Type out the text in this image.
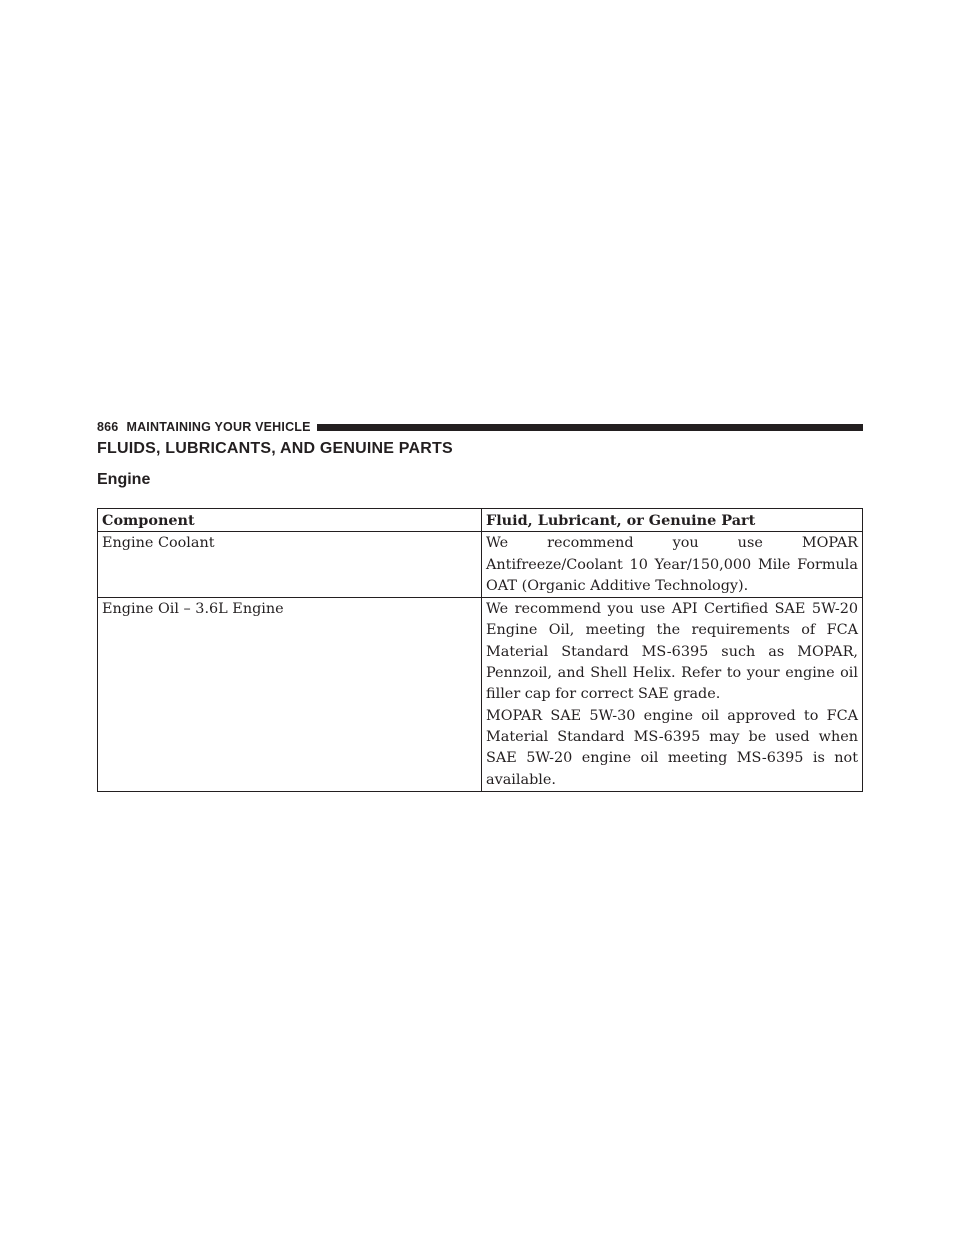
866 MAINTAINING YOUR VEHICLE
FLUIDS, LUBRICANTS, AND GENUINE PARTS
Engine
Component	Fluid, Lubricant, or Genuine Part
Engine Coolant	We recommend you use MOPAR Antifreeze/Coolant 10 Year/150,000 Mile Formula OAT (Organic Additive Technology).

Engine Oil – 3.6L Engine	We recommend you use API Certified SAE 5W-20 Engine Oil, meeting the requirements of FCA Material Standard MS-6395 such as MOPAR, Pennzoil, and Shell Helix. Refer to your engine oil filler cap for correct SAE grade.
MOPAR SAE 5W-30 engine oil approved to FCA Material Standard MS-6395 may be used when SAE 5W-20 engine oil meeting MS-6395 is not available.
